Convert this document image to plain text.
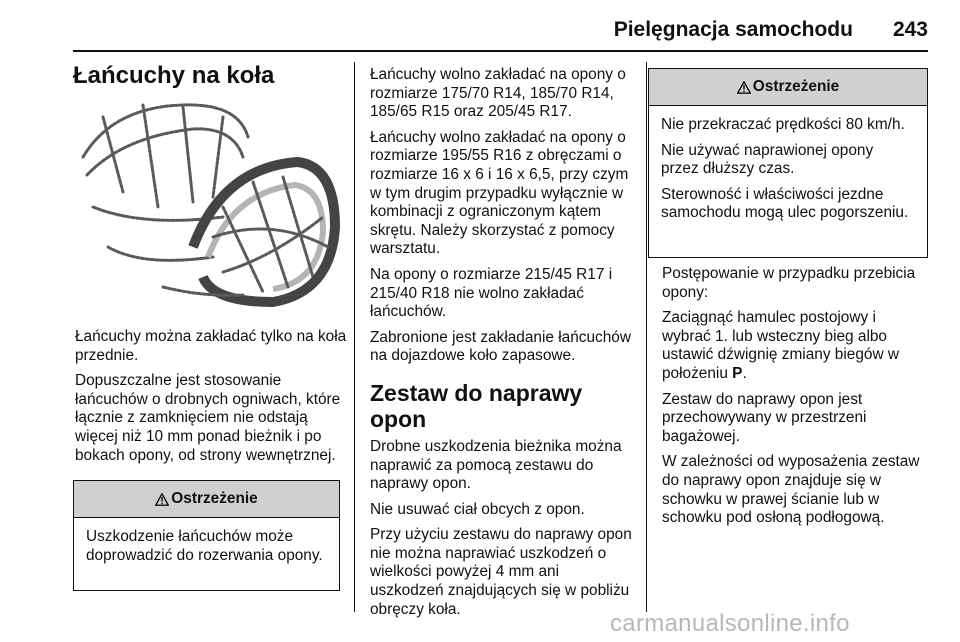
Pielęgnacja samochodu 243
Łańcuchy na koła

Łańcuchy można zakładać tylko na koła przednie.

Dopuszczalne jest stosowanie łańcuchów o drobnych ogniwach, które łącznie z zamknięciem nie odstają więcej niż 10 mm ponad bieżnik i po bokach opony, od strony wewnętrznej.

Ostrzeżenie

Uszkodzenie łańcuchów może doprowadzić do rozerwania opony.

Łańcuchy wolno zakładać na opony o rozmiarze 175/70 R14, 185/70 R14, 185/65 R15 oraz 205/45 R17.

Łańcuchy wolno zakładać na opony o rozmiarze 195/55 R16 z obręczami o rozmiarze 16 x 6 i 16 x 6,5, przy czym w tym drugim przypadku wyłącznie w kombinacji z ograniczonym kątem skrętu. Należy skorzystać z pomocy warsztatu.

Na opony o rozmiarze 215/45 R17 i 215/40 R18 nie wolno zakładać łańcuchów.

Zabronione jest zakładanie łańcuchów na dojazdowe koło zapasowe.

Zestaw do naprawy opon

Drobne uszkodzenia bieżnika można naprawić za pomocą zestawu do naprawy opon.

Nie usuwać ciał obcych z opon.

Przy użyciu zestawu do naprawy opon nie można naprawiać uszkodzeń o wielkości powyżej 4 mm ani uszkodzeń znajdujących się w pobliżu obręczy koła.

Ostrzeżenie

Nie przekraczać prędkości 80 km/h.

Nie używać naprawionej opony przez dłuższy czas.

Sterowność i właściwości jezdne samochodu mogą ulec pogorszeniu.

Postępowanie w przypadku przebicia opony:

Zaciągnąć hamulec postojowy i wybrać 1. lub wsteczny bieg albo ustawić dźwignię zmiany biegów w położeniu P.

Zestaw do naprawy opon jest przechowywany w przestrzeni bagażowej.

W zależności od wyposażenia zestaw do naprawy opon znajduje się w schowku w prawej ścianie lub w schowku pod osłoną podłogową.

carmanualsonline.info
